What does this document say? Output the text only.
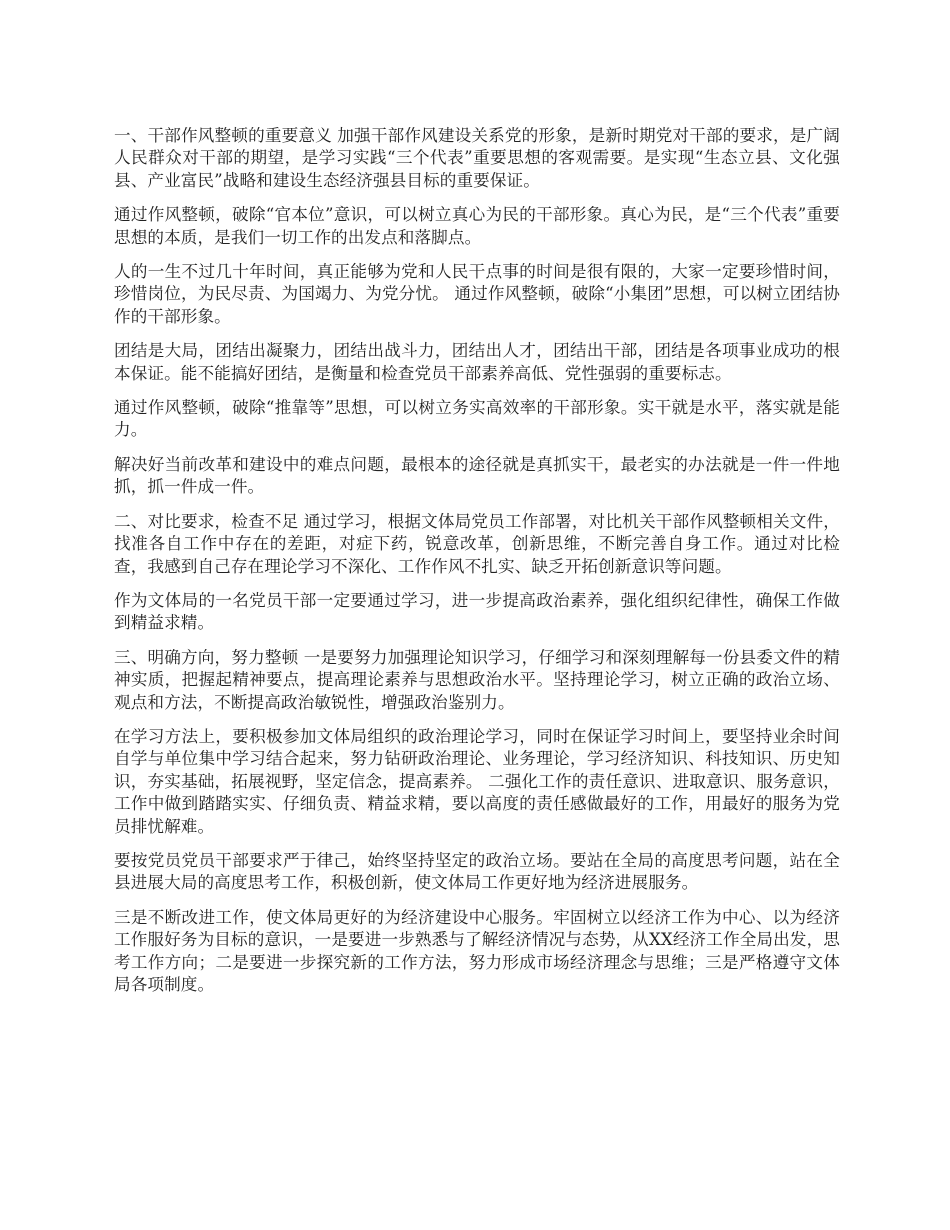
一、干部作风整顿的重要意义 加强干部作风建设关系党的形象，是新时期党对干部的要求，是广阔人民群众对干部的期望，是学习实践“三个代表”重要思想的客观需要。是实现“生态立县、文化强县、产业富民”战略和建设生态经济强县目标的重要保证。

通过作风整顿，破除“官本位”意识，可以树立真心为民的干部形象。真心为民，是“三个代表”重要思想的本质，是我们一切工作的出发点和落脚点。

人的一生不过几十年时间，真正能够为党和人民干点事的时间是很有限的，大家一定要珍惜时间，珍惜岗位，为民尽责、为国竭力、为党分忧。 通过作风整顿，破除“小集团”思想，可以树立团结协作的干部形象。

团结是大局，团结出凝聚力，团结出战斗力，团结出人才，团结出干部，团结是各项事业成功的根本保证。能不能搞好团结，是衡量和检查党员干部素养高低、党性强弱的重要标志。

通过作风整顿，破除“推靠等”思想，可以树立务实高效率的干部形象。实干就是水平，落实就是能力。

解决好当前改革和建设中的难点问题，最根本的途径就是真抓实干，最老实的办法就是一件一件地抓，抓一件成一件。

二、对比要求，检查不足 通过学习，根据文体局党员工作部署，对比机关干部作风整顿相关文件，找准各自工作中存在的差距，对症下药，锐意改革，创新思维，不断完善自身工作。通过对比检查，我感到自己存在理论学习不深化、工作作风不扎实、缺乏开拓创新意识等问题。

作为文体局的一名党员干部一定要通过学习，进一步提高政治素养，强化组织纪律性，确保工作做到精益求精。

三、明确方向，努力整顿 一是要努力加强理论知识学习，仔细学习和深刻理解每一份县委文件的精神实质，把握起精神要点，提高理论素养与思想政治水平。坚持理论学习，树立正确的政治立场、观点和方法，不断提高政治敏锐性，增强政治鉴别力。

在学习方法上，要积极参加文体局组织的政治理论学习，同时在保证学习时间上，要坚持业余时间自学与单位集中学习结合起来，努力钻研政治理论、业务理论，学习经济知识、科技知识、历史知识，夯实基础，拓展视野，坚定信念，提高素养。 二强化工作的责任意识、进取意识、服务意识，工作中做到踏踏实实、仔细负责、精益求精，要以高度的责任感做最好的工作，用最好的服务为党员排忧解难。

要按党员党员干部要求严于律己，始终坚持坚定的政治立场。要站在全局的高度思考问题，站在全县进展大局的高度思考工作，积极创新，使文体局工作更好地为经济进展服务。

三是不断改进工作，使文体局更好的为经济建设中心服务。牢固树立以经济工作为中心、以为经济工作服好务为目标的意识，一是要进一步熟悉与了解经济情况与态势，从XX经济工作全局出发，思考工作方向；二是要进一步探究新的工作方法，努力形成市场经济理念与思维；三是严格遵守文体局各项制度。
